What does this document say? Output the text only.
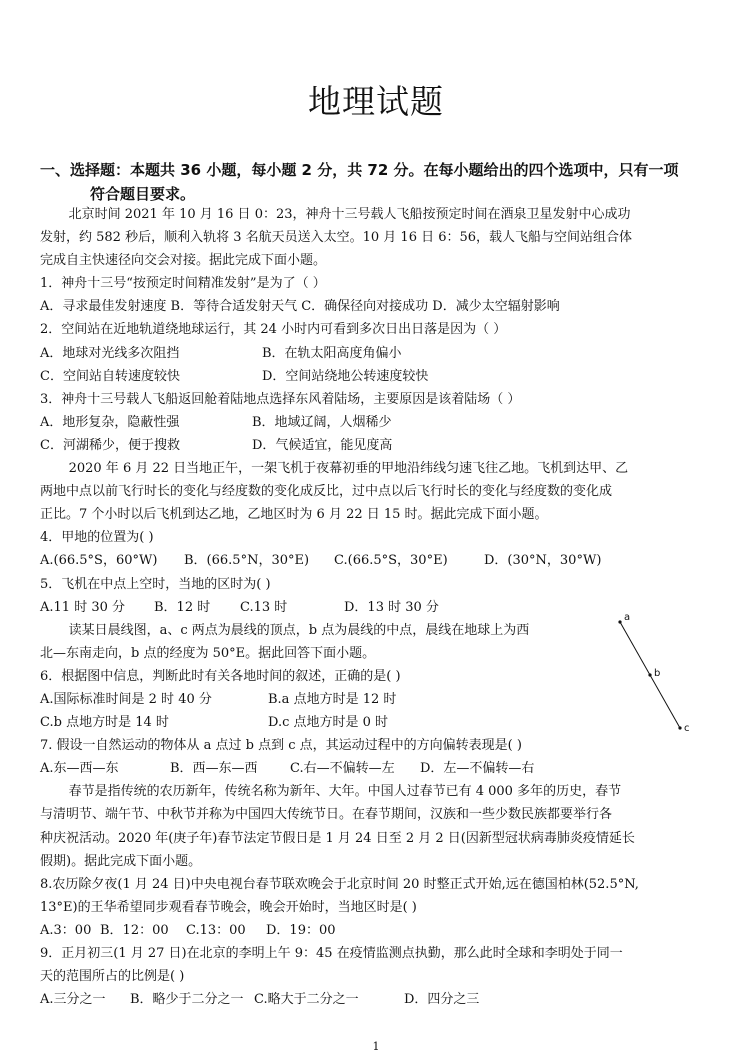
地理试题
一、选择题：本题共 36 小题，每小题 2 分，共 72 分。在每小题给出的四个选项中，只有一项
符合题目要求。
北京时间 2021 年 10 月 16 日 0：23，神舟十三号载人飞船按预定时间在酒泉卫星发射中心成功
发射，约 582 秒后，顺利入轨将 3 名航天员送入太空。10 月 16 日 6：56，载人飞船与空间站组合体
完成自主快速径向交会对接。据此完成下面小题。
1．神舟十三号“按预定时间精准发射”是为了（ ）
A．寻求最佳发射速度 B．等待合适发射天气 C．确保径向对接成功 D．减少太空辐射影响
2．空间站在近地轨道绕地球运行，其 24 小时内可看到多次日出日落是因为（ ）
A．地球对光线多次阻挡	B．在轨太阳高度角偏小
C．空间站自转速度较快	D．空间站绕地公转速度较快
3．神舟十三号载人飞船返回舱着陆地点选择东风着陆场，主要原因是该着陆场（ ）
A．地形复杂，隐蔽性强	B．地域辽阔，人烟稀少
C．河湖稀少，便于搜救	D．气候适宜，能见度高
2020 年 6 月 22 日当地正午，一架飞机于夜幕初垂的甲地沿纬线匀速飞往乙地。飞机到达甲、乙
两地中点以前飞行时长的变化与经度数的变化成反比，过中点以后飞行时长的变化与经度数的变化成
正比。7 个小时以后飞机到达乙地，乙地区时为 6 月 22 日 15 时。据此完成下面小题。
4．甲地的位置为( )
A.(66.5°S，60°W) B．(66.5°N，30°E) C.(66.5°S，30°E)	D．(30°N，30°W)
5．飞机在中点上空时，当地的区时为( )
A.11 时 30 分 B．12 时 C.13 时	D．13 时 30 分
读某日晨线图，a、c 两点为晨线的顶点，b 点为晨线的中点，晨线在地球上为西
北—东南走向，b 点的经度为 50°E。据此回答下面小题。
6．根据图中信息，判断此时有关各地时间的叙述，正确的是( )
A.国际标准时间是 2 时 40 分	B.a 点地方时是 12 时
C.b 点地方时是 14 时	D.c 点地方时是 0 时
7. 假设一自然运动的物体从 a 点过 b 点到 c 点，其运动过程中的方向偏转表现是( )
A.东—西—东	B．西—东—西 C.右—不偏转—左 D．左—不偏转—右
春节是指传统的农历新年，传统名称为新年、大年。中国人过春节已有 4 000 多年的历史，春节
与清明节、端午节、中秋节并称为中国四大传统节日。在春节期间，汉族和一些少数民族都要举行各
种庆祝活动。2020 年(庚子年)春节法定节假日是 1 月 24 日至 2 月 2 日(因新型冠状病毒肺炎疫情延长
假期)。据此完成下面小题。
8.农历除夕夜(1 月 24 日)中央电视台春节联欢晚会于北京时间 20 时整正式开始,远在德国柏林(52.5°N,
13°E)的王华希望同步观看春节晚会，晚会开始时，当地区时是( )
A.3：00 B．12：00 C.13：00 D．19：00
9．正月初三(1 月 27 日)在北京的李明上午 9：45 在疫情监测点执勤，那么此时全球和李明处于同一
天的范围所占的比例是( )
A.三分之一 B．略少于二分之一 C.略大于二分之一	D．四分之三
a
b
c
1
